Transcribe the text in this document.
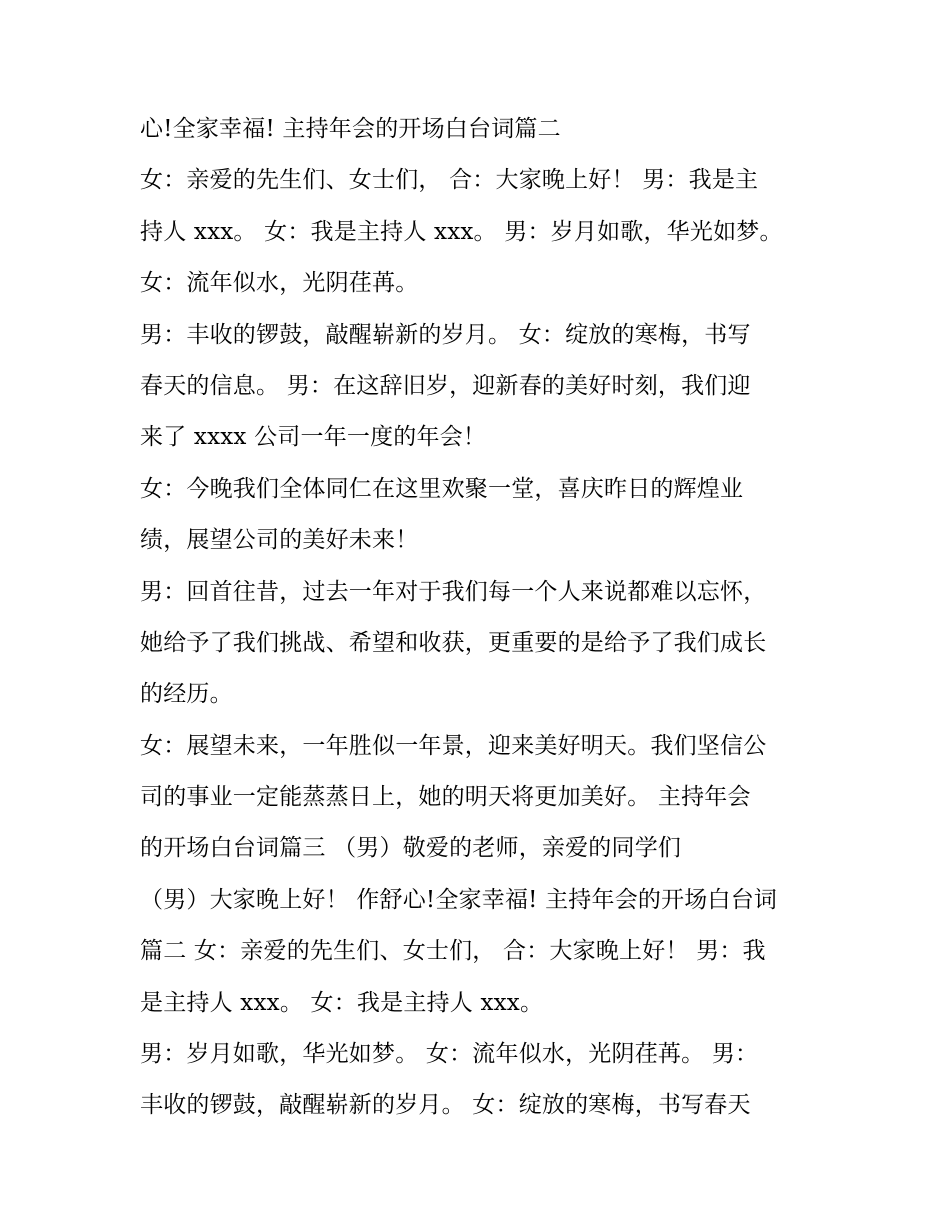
心!全家幸福! 主持年会的开场白台词篇二
女：亲爱的先生们、女士们， 合：大家晚上好！ 男：我是主
持人 xxx。 女：我是主持人 xxx。 男：岁月如歌，华光如梦。
女：流年似水，光阴荏苒。
男：丰收的锣鼓，敲醒崭新的岁月。 女：绽放的寒梅，书写
春天的信息。 男：在这辞旧岁，迎新春的美好时刻，我们迎
来了 xxxx 公司一年一度的年会！
女：今晚我们全体同仁在这里欢聚一堂，喜庆昨日的辉煌业
绩，展望公司的美好未来！
男：回首往昔，过去一年对于我们每一个人来说都难以忘怀，
她给予了我们挑战、希望和收获，更重要的是给予了我们成长
的经历。
女：展望未来，一年胜似一年景，迎来美好明天。我们坚信公
司的事业一定能蒸蒸日上，她的明天将更加美好。 主持年会
的开场白台词篇三 （男）敬爱的老师，亲爱的同学们
（男）大家晚上好！ 作舒心!全家幸福! 主持年会的开场白台词
篇二 女：亲爱的先生们、女士们， 合：大家晚上好！ 男：我
是主持人 xxx。 女：我是主持人 xxx。
男：岁月如歌，华光如梦。 女：流年似水，光阴荏苒。 男：
丰收的锣鼓，敲醒崭新的岁月。 女：绽放的寒梅，书写春天
